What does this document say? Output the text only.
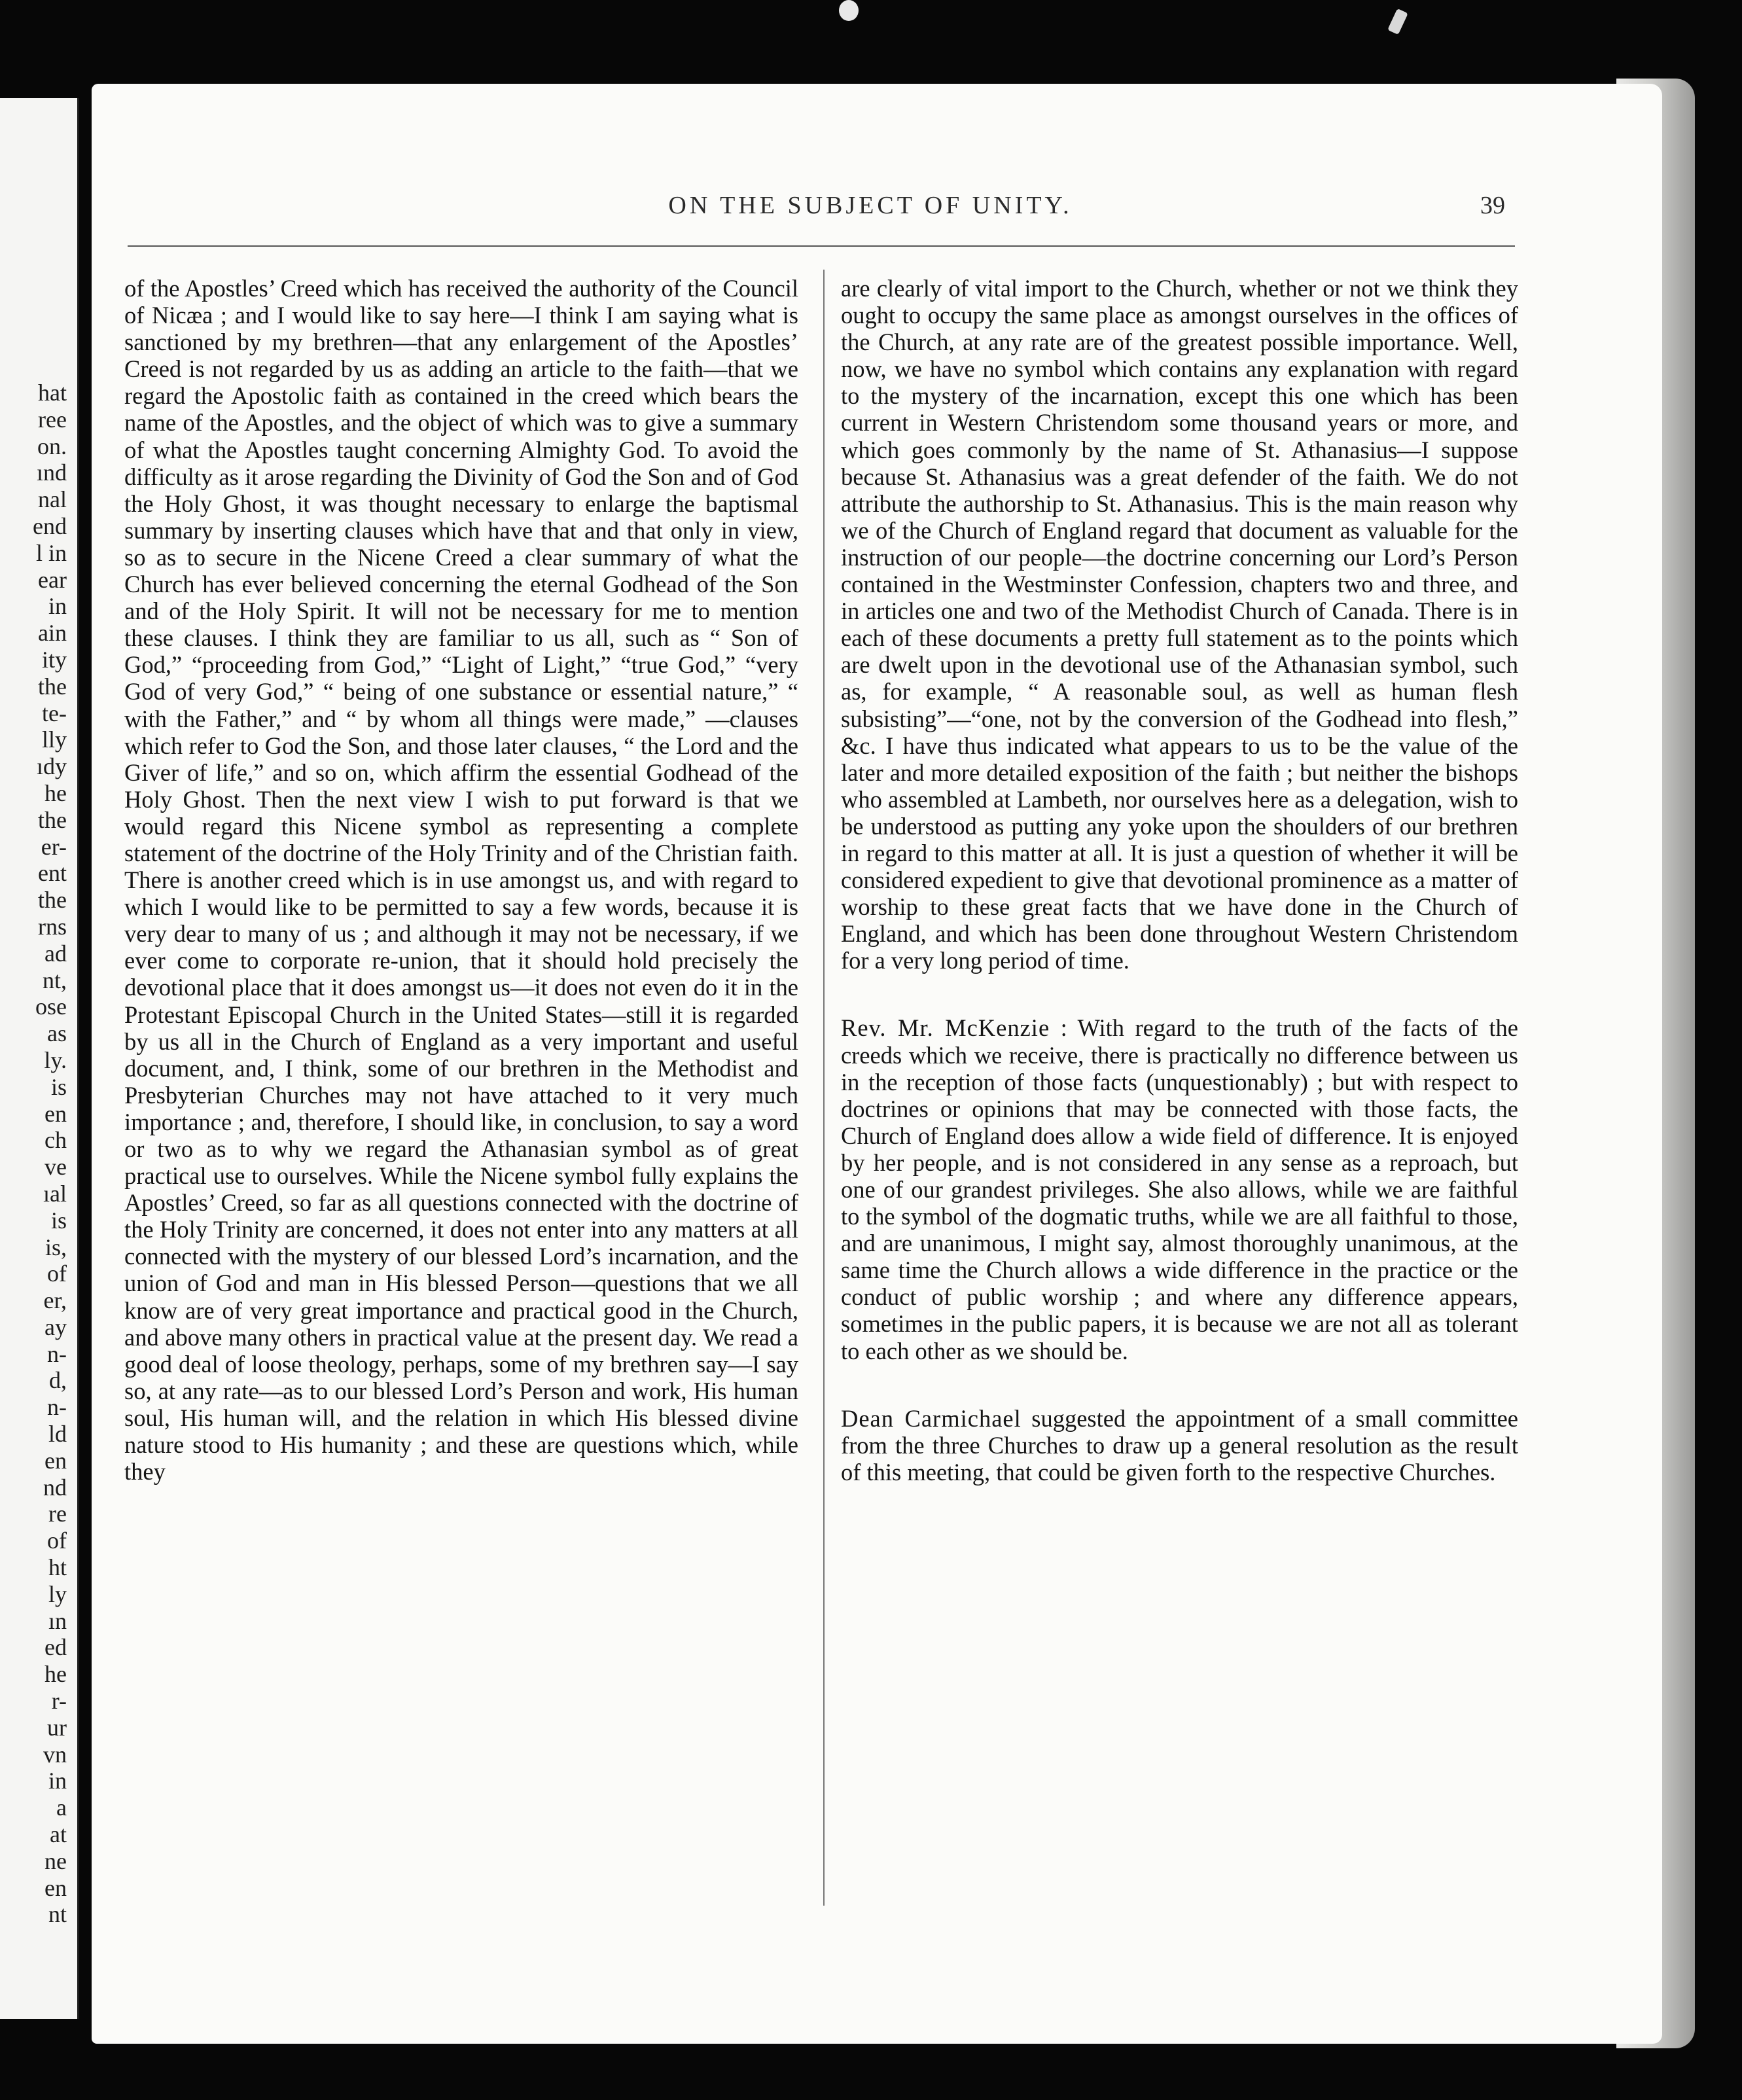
hat
ree
on.
ınd
nal
end
l in
ear
in
ain
ity
the
te-
lly
ıdy
he
the
er-
ent
the
rns
ad
nt,
ose
as
ly.
is
en
ch
ve
ıal
is
is,
of
er,
ay
n-
d,
n-
ld
en
nd
re
of
ht
ly
ın
ed
he
r-
ur
vn
in
a
at
ne
en
nt
ON THE SUBJECT OF UNITY.	39

of the Apostles’ Creed which has received the authority of the Council of Nicæa ; and I would like to say here—I think I am saying what is sanctioned by my brethren—that any enlargement of the Apostles’ Creed is not regarded by us as adding an article to the faith—that we regard the Apostolic faith as contained in the creed which bears the name of the Apostles, and the object of which was to give a summary of what the Apostles taught concerning Almighty God. To avoid the difficulty as it arose regarding the Divinity of God the Son and of God the Holy Ghost, it was thought necessary to enlarge the baptismal summary by inserting clauses which have that and that only in view, so as to secure in the Nicene Creed a clear summary of what the Church has ever believed concerning the eternal Godhead of the Son and of the Holy Spirit. It will not be necessary for me to mention these clauses. I think they are familiar to us all, such as “ Son of God,” “proceeding from God,” “Light of Light,” “true God,” “very God of very God,” “ being of one substance or essential nature,” “ with the Father,” and “ by whom all things were made,” —clauses which refer to God the Son, and those later clauses, “ the Lord and the Giver of life,” and so on, which affirm the essential Godhead of the Holy Ghost. Then the next view I wish to put forward is that we would regard this Nicene symbol as representing a complete statement of the doctrine of the Holy Trinity and of the Christian faith. There is another creed which is in use amongst us, and with regard to which I would like to be permitted to say a few words, because it is very dear to many of us ; and although it may not be necessary, if we ever come to corporate re-union, that it should hold precisely the devotional place that it does amongst us—it does not even do it in the Protestant Episcopal Church in the United States—still it is regarded by us all in the Church of England as a very important and useful document, and, I think, some of our brethren in the Methodist and Presbyterian Churches may not have attached to it very much importance ; and, therefore, I should like, in conclusion, to say a word or two as to why we regard the Athanasian symbol as of great practical use to ourselves. While the Nicene symbol fully explains the Apostles’ Creed, so far as all questions connected with the doctrine of the Holy Trinity are concerned, it does not enter into any matters at all connected with the mystery of our blessed Lord’s incarnation, and the union of God and man in His blessed Person—questions that we all know are of very great importance and practical good in the Church, and above many others in practical value at the present day. We read a good deal of loose theology, perhaps, some of my brethren say—I say so, at any rate—as to our blessed Lord’s Person and work, His human soul, His human will, and the relation in which His blessed divine nature stood to His humanity ; and these are questions which, while they

are clearly of vital import to the Church, whether or not we think they ought to occupy the same place as amongst ourselves in the offices of the Church, at any rate are of the greatest possible importance. Well, now, we have no symbol which contains any explanation with regard to the mystery of the incarnation, except this one which has been current in Western Christendom some thousand years or more, and which goes commonly by the name of St. Athanasius—I suppose because St. Athanasius was a great defender of the faith. We do not attribute the authorship to St. Athanasius. This is the main reason why we of the Church of England regard that document as valuable for the instruction of our people—the doctrine concerning our Lord’s Person contained in the Westminster Confession, chapters two and three, and in articles one and two of the Methodist Church of Canada. There is in each of these documents a pretty full statement as to the points which are dwelt upon in the devotional use of the Athanasian symbol, such as, for example, “ A reasonable soul, as well as human flesh subsisting”—“one, not by the conversion of the Godhead into flesh,” &c. I have thus indicated what appears to us to be the value of the later and more detailed exposition of the faith ; but neither the bishops who assembled at Lambeth, nor ourselves here as a delegation, wish to be understood as putting any yoke upon the shoulders of our brethren in regard to this matter at all. It is just a question of whether it will be considered expedient to give that devotional prominence as a matter of worship to these great facts that we have done in the Church of England, and which has been done throughout Western Christendom for a very long period of time.

Rev. Mr. McKenzie : With regard to the truth of the facts of the creeds which we receive, there is practically no difference between us in the reception of those facts (unquestionably) ; but with respect to doctrines or opinions that may be connected with those facts, the Church of England does allow a wide field of difference. It is enjoyed by her people, and is not considered in any sense as a reproach, but one of our grandest privileges. She also allows, while we are faithful to the symbol of the dogmatic truths, while we are all faithful to those, and are unanimous, I might say, almost thoroughly unanimous, at the same time the Church allows a wide difference in the practice or the conduct of public worship ; and where any difference appears, sometimes in the public papers, it is because we are not all as tolerant to each other as we should be.

Dean Carmichael suggested the appointment of a small committee from the three Churches to draw up a general resolution as the result of this meeting, that could be given forth to the respective Churches.
